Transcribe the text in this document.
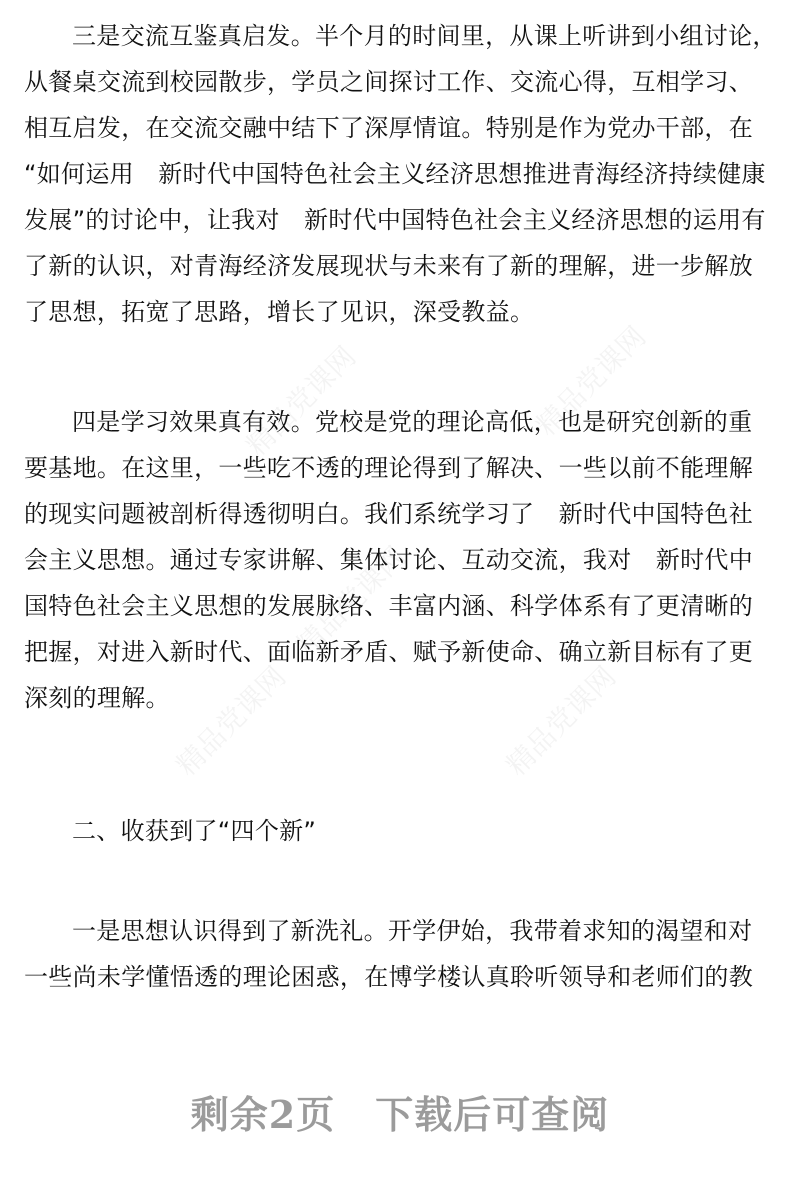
精品党课网	精品党课网
精品党课网
精品党课网	精品党课网
三是交流互鉴真启发。半个月的时间里，从课上听讲到小组讨论，
从餐桌交流到校园散步，学员之间探讨工作、交流心得，互相学习、
相互启发，在交流交融中结下了深厚情谊。特别是作为党办干部，在
“如何运用　新时代中国特色社会主义经济思想推进青海经济持续健康
发展”的讨论中，让我对　新时代中国特色社会主义经济思想的运用有
了新的认识，对青海经济发展现状与未来有了新的理解，进一步解放
了思想，拓宽了思路，增长了见识，深受教益。
四是学习效果真有效。党校是党的理论高低，也是研究创新的重
要基地。在这里，一些吃不透的理论得到了解决、一些以前不能理解
的现实问题被剖析得透彻明白。我们系统学习了　新时代中国特色社
会主义思想。通过专家讲解、集体讨论、互动交流，我对　新时代中
国特色社会主义思想的发展脉络、丰富内涵、科学体系有了更清晰的
把握，对进入新时代、面临新矛盾、赋予新使命、确立新目标有了更
深刻的理解。
二、收获到了“四个新”
一是思想认识得到了新洗礼。开学伊始，我带着求知的渴望和对
一些尚未学懂悟透的理论困惑，在博学楼认真聆听领导和老师们的教
剩余2页 下载后可查阅
